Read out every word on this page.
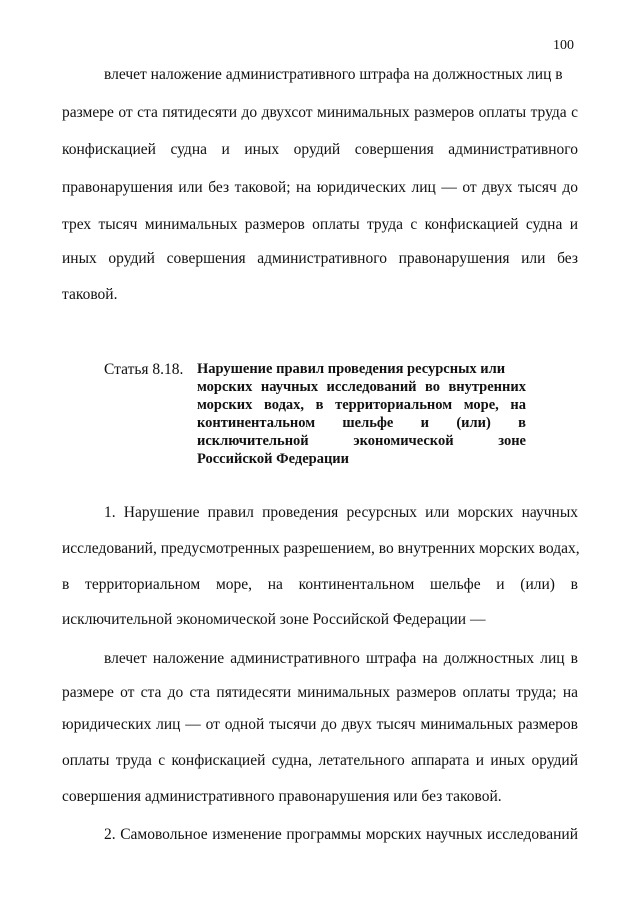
100
влечет наложение административного штрафа на должностных лиц в
размере от ста пятидесяти до двухсот минимальных размеров оплаты труда с
конфискацией судна и иных орудий совершения административного
правонарушения или без таковой; на юридических лиц — от двух тысяч до
трех тысяч минимальных размеров оплаты труда с конфискацией судна и
иных орудий совершения административного правонарушения или без
таковой.
Статья 8.18. Нарушение правил проведения ресурсных или
морских научных исследований во внутренних
морских водах, в территориальном море, на
континентальном шельфе и (или) в
исключительной экономической зоне
Российской Федерации
1. Нарушение правил проведения ресурсных или морских научных
исследований, предусмотренных разрешением, во внутренних морских водах,
в территориальном море, на континентальном шельфе и (или) в
исключительной экономической зоне Российской Федерации —
влечет наложение административного штрафа на должностных лиц в
размере от ста до ста пятидесяти минимальных размеров оплаты труда; на
юридических лиц — от одной тысячи до двух тысяч минимальных размеров
оплаты труда с конфискацией судна, летательного аппарата и иных орудий
совершения административного правонарушения или без таковой.
2. Самовольное изменение программы морских научных исследований
